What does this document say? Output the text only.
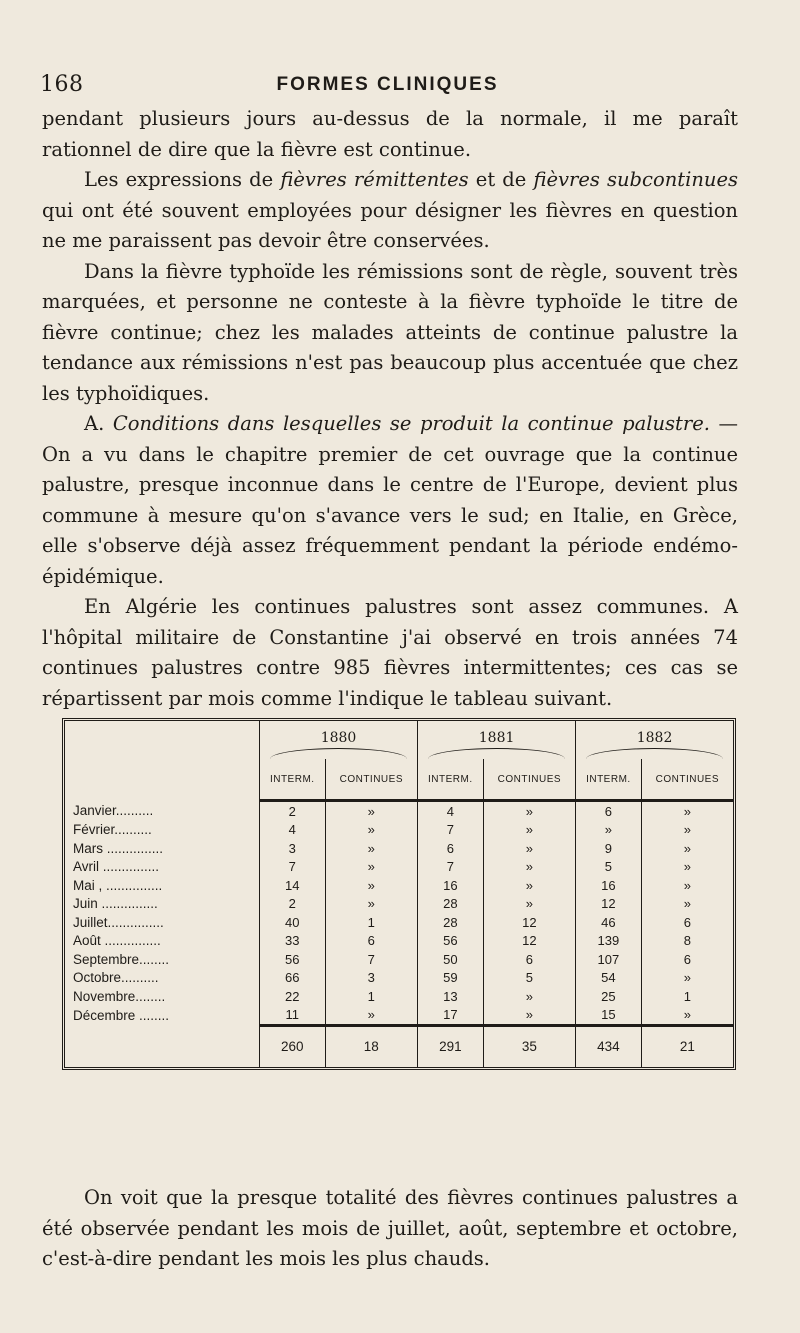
168	FORMES CLINIQUES

pendant plusieurs jours au-dessus de la normale, il me paraît rationnel de dire que la fièvre est continue.

Les expressions de fièvres rémittentes et de fièvres subcontinues qui ont été souvent employées pour désigner les fièvres en question ne me paraissent pas devoir être conservées.

Dans la fièvre typhoïde les rémissions sont de règle, souvent très marquées, et personne ne conteste à la fièvre typhoïde le titre de fièvre continue; chez les malades atteints de continue palustre la tendance aux rémissions n'est pas beaucoup plus accentuée que chez les typhoïdiques.

A. Conditions dans lesquelles se produit la continue palustre. — On a vu dans le chapitre premier de cet ouvrage que la continue palustre, presque inconnue dans le centre de l'Europe, devient plus commune à mesure qu'on s'avance vers le sud; en Italie, en Grèce, elle s'observe déjà assez fréquemment pendant la période endémo-épidémique.

En Algérie les continues palustres sont assez communes. A l'hôpital militaire de Constantine j'ai observé en trois années 74 continues palustres contre 985 fièvres intermittentes; ces cas se répartissent par mois comme l'indique le tableau suivant.

	1880		1881		1882	

	INTERM.	CONTINUES	INTERM.	CONTINUES	INTERM.	CONTINUES
Janvier..........	2	»	4	»	6	»
Février..........	4	»	7	»	»	»
Mars ...............	3	»	6	»	9	»
Avril ...............	7	»	7	»	5	»
Mai , ...............	14	»	16	»	16	»
Juin ...............	2	»	28	»	12	»
Juillet...............	40	1	28	12	46	6
Août ...............	33	6	56	12	139	8
Septembre........	56	7	50	6	107	6
Octobre..........	66	3	59	5	54	»
Novembre........	22	1	13	»	25	1
Décembre ........	11	»	17	»	15	»
	260	18	291	35	434	21

On voit que la presque totalité des fièvres continues palustres a été observée pendant les mois de juillet, août, septembre et octobre, c'est-à-dire pendant les mois les plus chauds.
